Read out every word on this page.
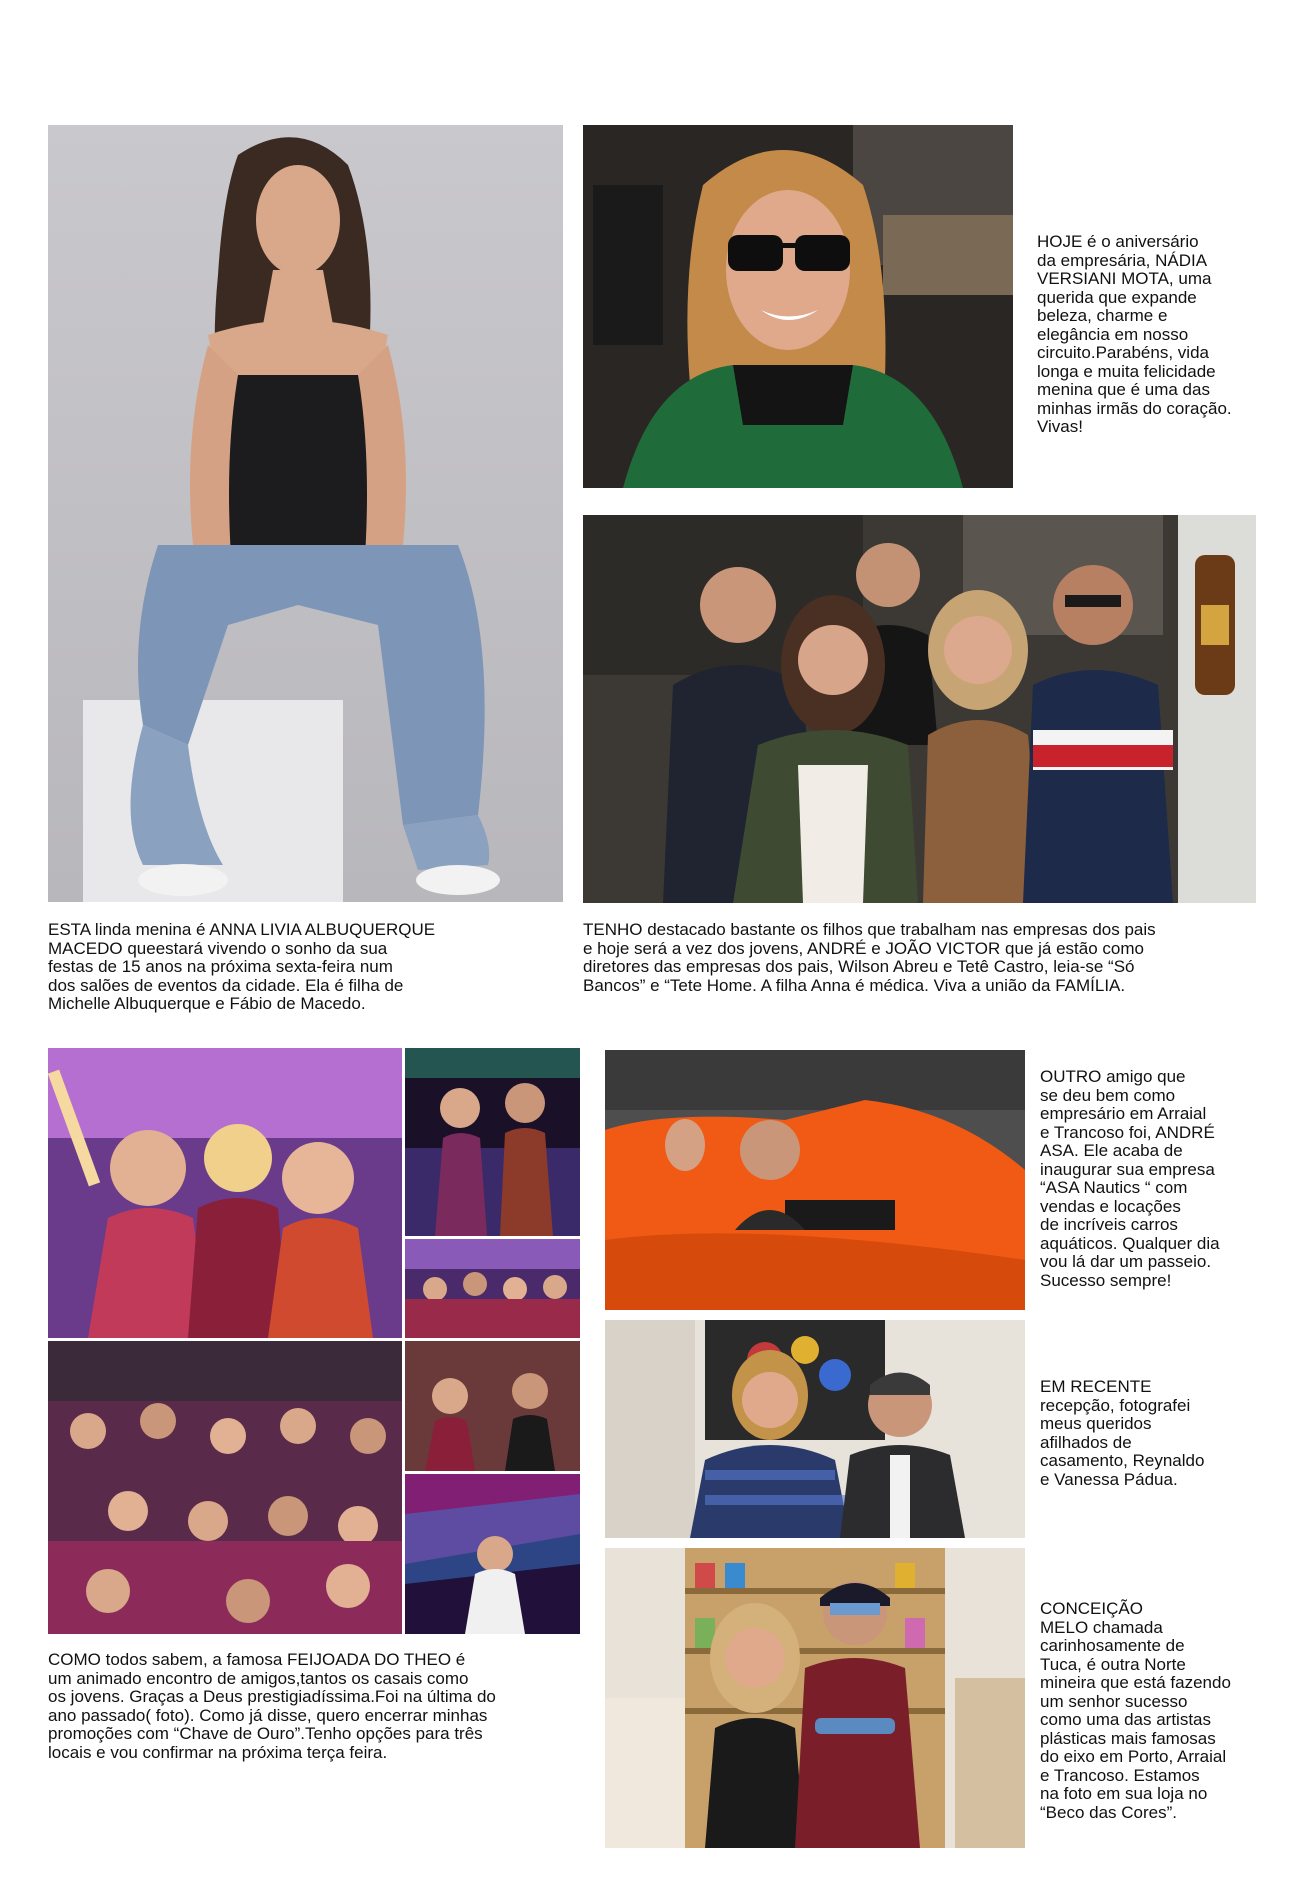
HOJE é o aniversário
da empresária, NÁDIA
VERSIANI MOTA, uma
querida que expande
beleza, charme e
elegância em nosso
circuito.Parabéns, vida
longa e muita felicidade
menina que é uma das
minhas irmãs do coração.
Vivas!

ESTA linda menina é ANNA LIVIA ALBUQUERQUE
MACEDO queestará vivendo o sonho da sua
festas de 15 anos na próxima sexta-feira num
dos salões de eventos da cidade. Ela é filha de
Michelle Albuquerque e Fábio de Macedo.

TENHO destacado bastante os filhos que trabalham nas empresas dos pais
e hoje será a vez dos jovens, ANDRÉ e JOÃO VICTOR que já estão como
diretores das empresas dos pais, Wilson Abreu e Tetê Castro, leia-se “Só
Bancos” e “Tete Home. A filha Anna é médica. Viva a união da FAMÍLIA.

COMO todos sabem, a famosa FEIJOADA DO THEO é
um animado encontro de amigos,tantos os casais como
os jovens. Graças a Deus prestigiadíssima.Foi na última do
ano passado( foto). Como já disse, quero encerrar minhas
promoções com “Chave de Ouro”.Tenho opções para três
locais e vou confirmar na próxima terça feira.

OUTRO amigo que
se deu bem como
empresário em Arraial
e Trancoso foi, ANDRÉ
ASA. Ele acaba de
inaugurar sua empresa
“ASA Nautics “ com
vendas e locações
de incríveis carros
aquáticos. Qualquer dia
vou lá dar um passeio.
Sucesso sempre!

EM RECENTE
recepção, fotografei
meus queridos
afilhados de
casamento, Reynaldo
e Vanessa Pádua.

CONCEIÇÃO
MELO chamada
carinhosamente de
Tuca, é outra Norte
mineira que está fazendo
um senhor sucesso
como uma das artistas
plásticas mais famosas
do eixo em Porto, Arraial
e Trancoso. Estamos
na foto em sua loja no
“Beco das Cores”.
